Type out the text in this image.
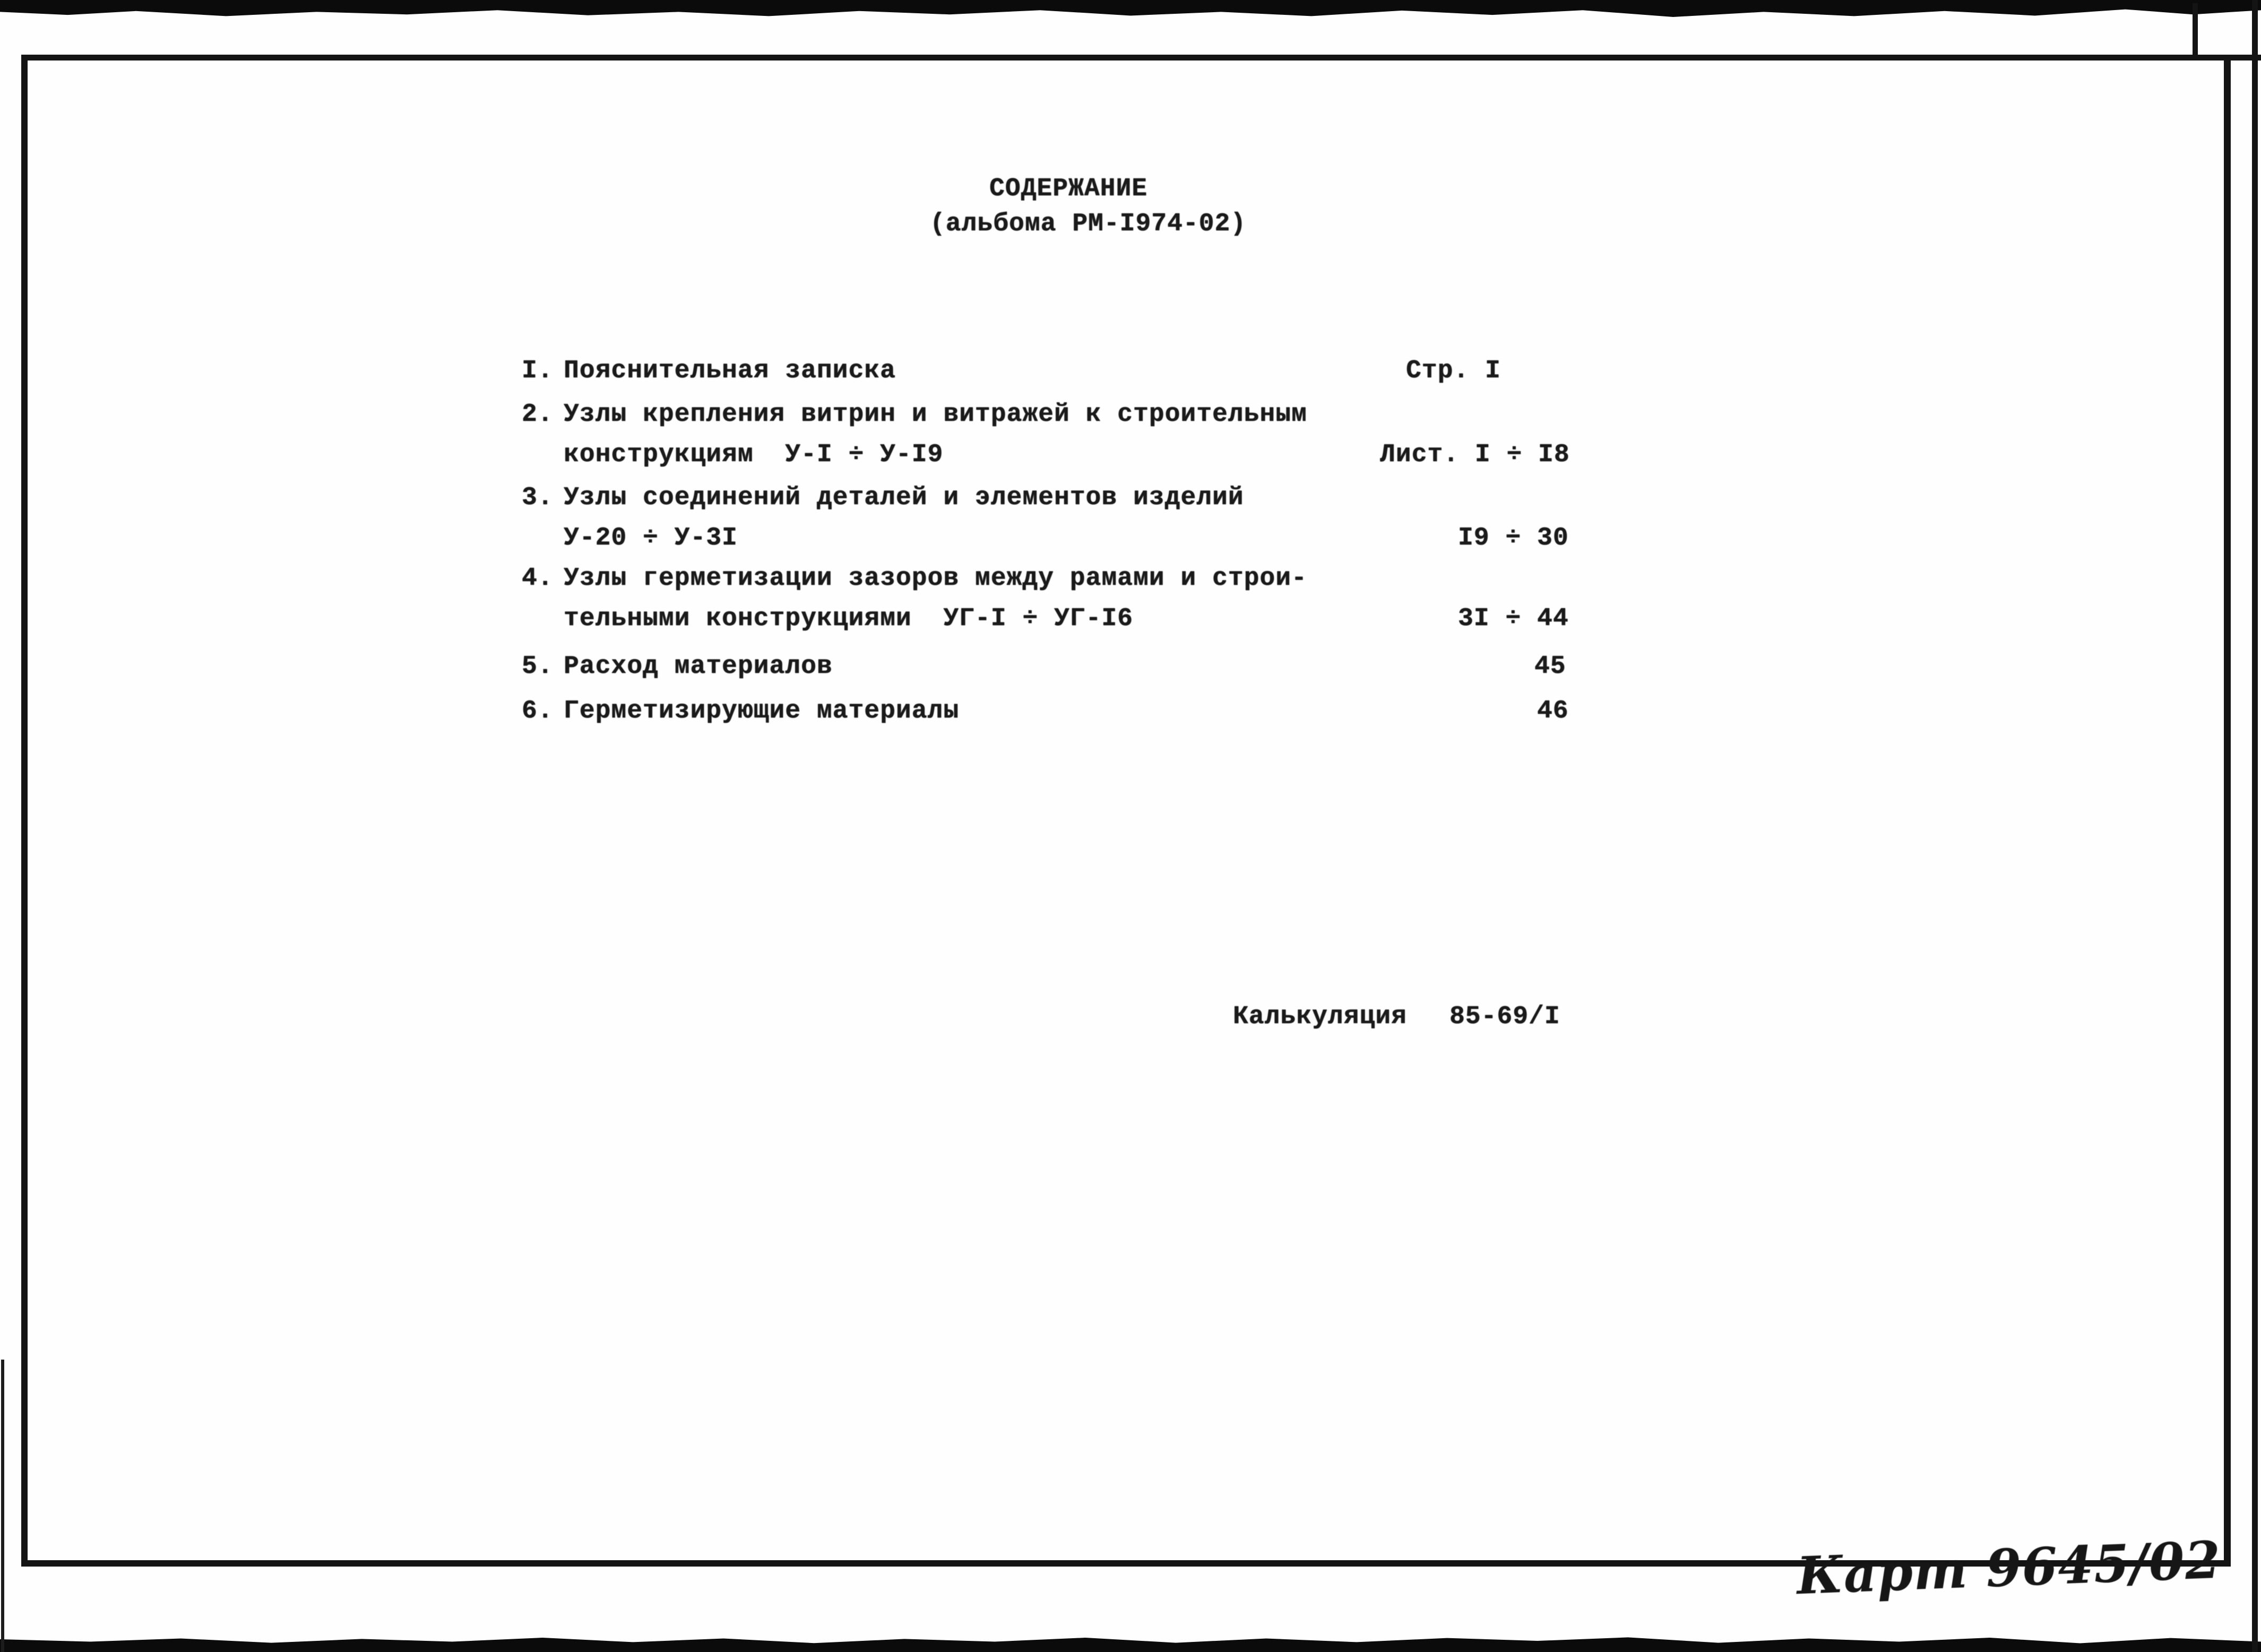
СОДЕРЖАНИЕ
(альбома РМ-I974-02)
I. Пояснительная записка	Стр. I
2. Узлы крепления витрин и витражей к строительным
конструкциям  У-I ÷ У-I9	Лист. I ÷ I8
3. Узлы соединений деталей и элементов изделий
У-20 ÷ У-3I	I9 ÷ 30
4. Узлы герметизации зазоров между рамами и строи-
тельными конструкциями  УГ-I ÷ УГ-I6	3I ÷ 44
5. Расход материалов	45
6. Герметизирующие материалы	46
Калькуляция 85-69/I
Карт 9645/02
